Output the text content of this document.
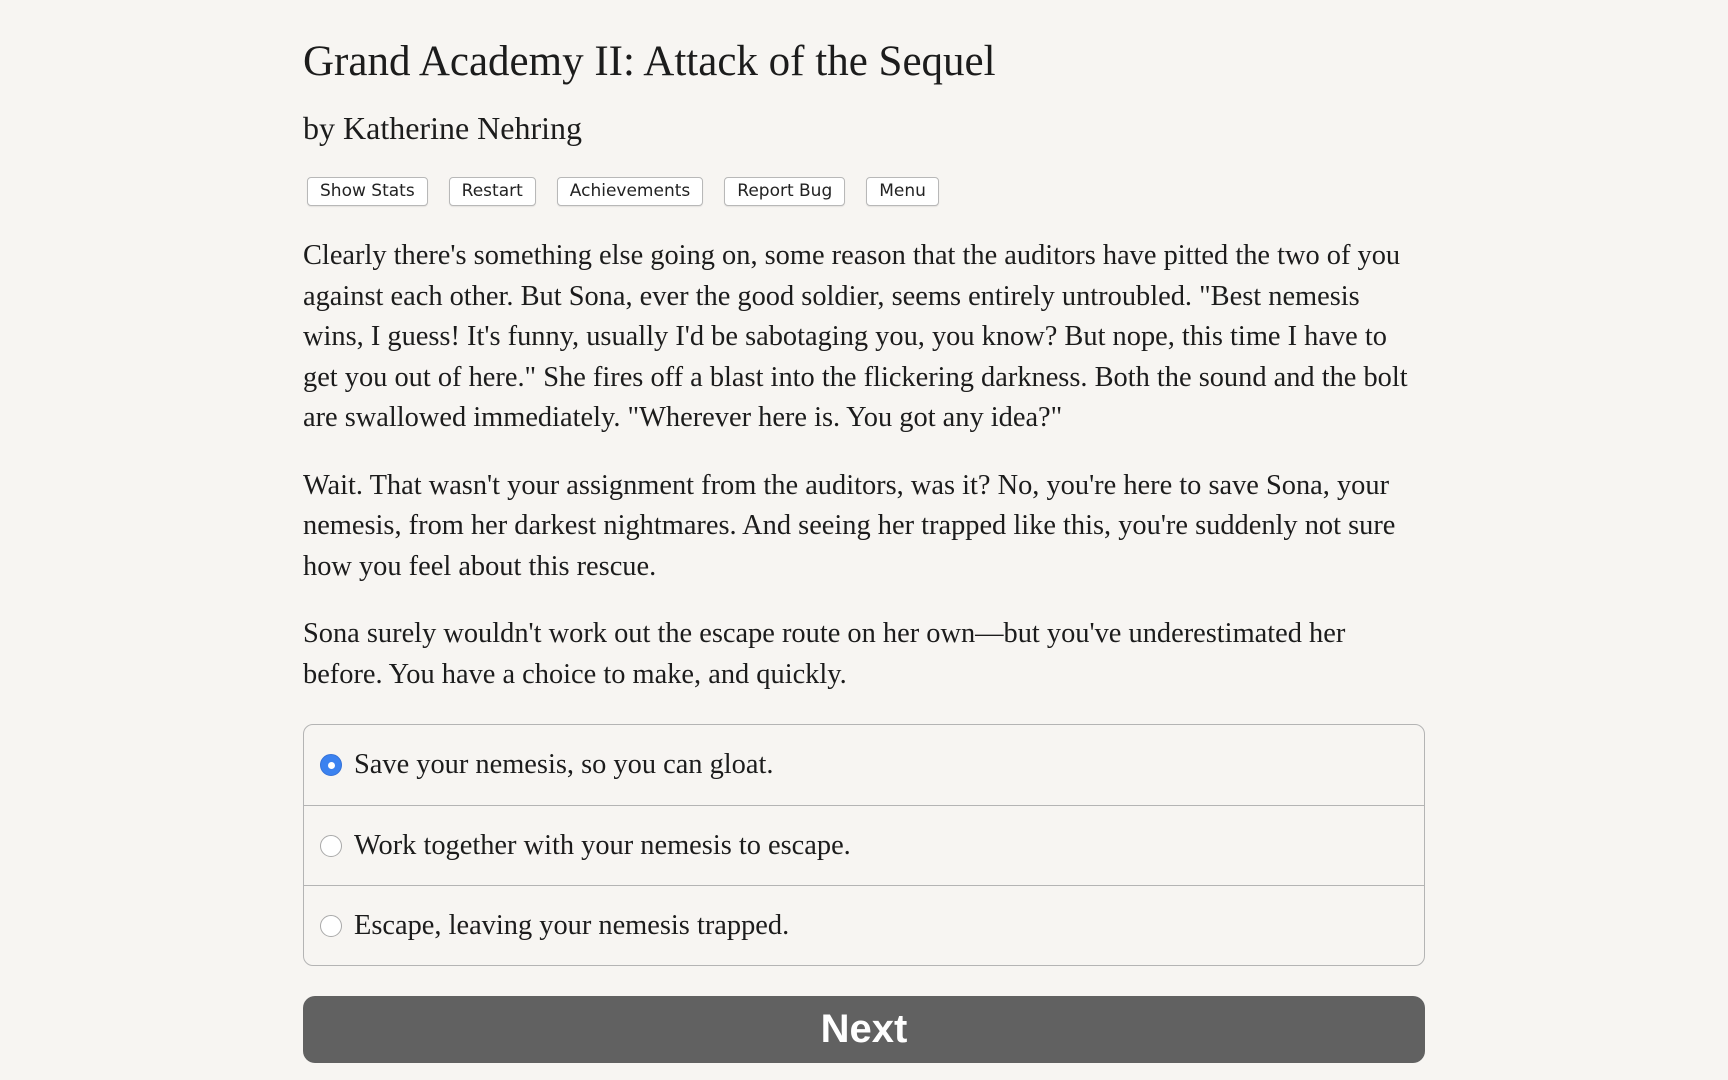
Grand Academy II: Attack of the Sequel
by Katherine Nehring
Show Stats	Restart	Achievements	Report Bug	Menu

Clearly there's something else going on, some reason that the auditors have pitted the two of you against each other. But Sona, ever the good soldier, seems entirely untroubled. "Best nemesis wins, I guess! It's funny, usually I'd be sabotaging you, you know? But nope, this time I have to get you out of here." She fires off a blast into the flickering darkness. Both the sound and the bolt are swallowed immediately. "Wherever here is. You got any idea?"

Wait. That wasn't your assignment from the auditors, was it? No, you're here to save Sona, your nemesis, from her darkest nightmares. And seeing her trapped like this, you're suddenly not sure how you feel about this rescue.

Sona surely wouldn't work out the escape route on her own—but you've underestimated her before. You have a choice to make, and quickly.

Save your nemesis, so you can gloat.
Work together with your nemesis to escape.
Escape, leaving your nemesis trapped.
Next
